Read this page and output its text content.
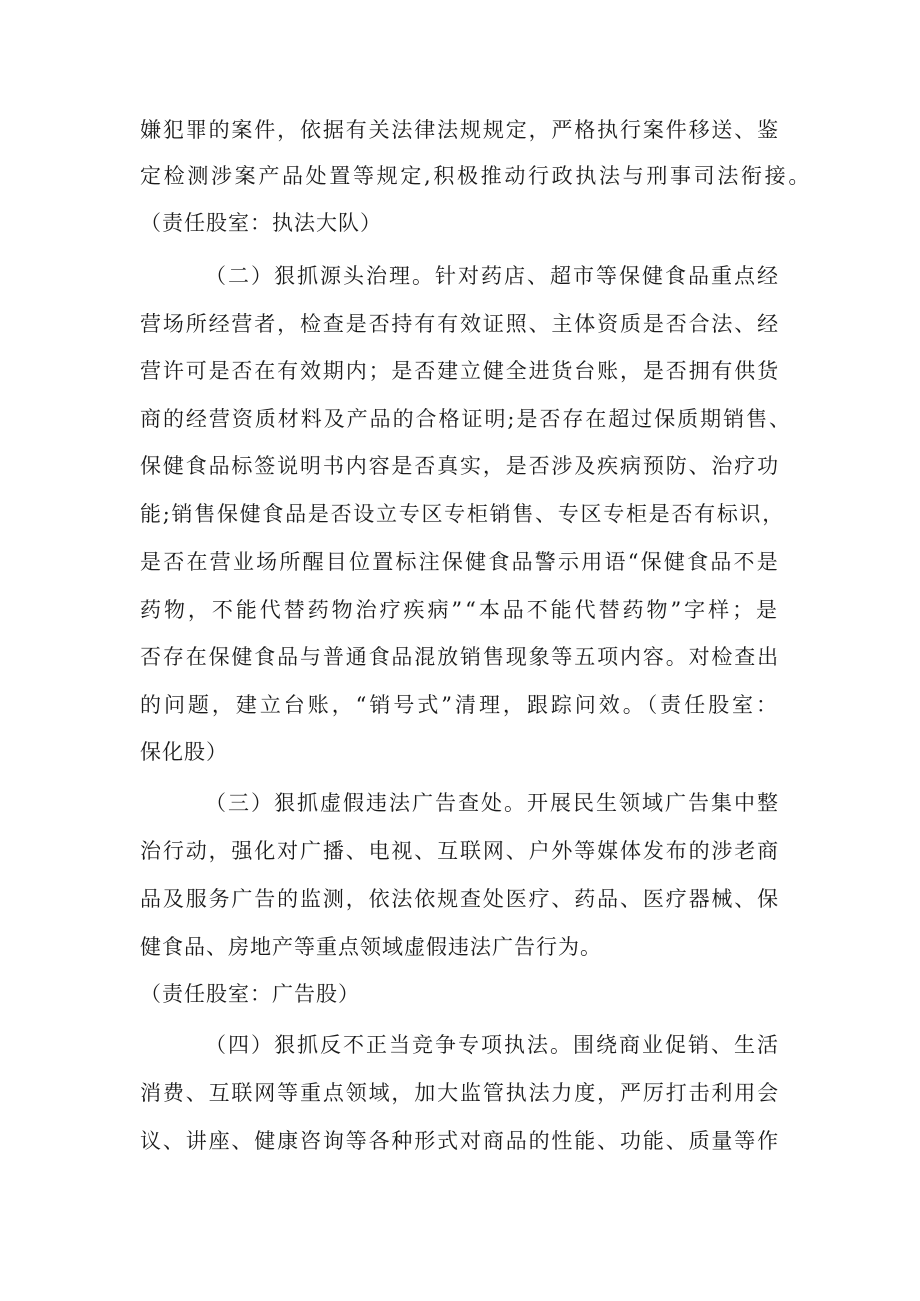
嫌犯罪的案件，依据有关法律法规规定，严格执行案件移送、鉴
定检测涉案产品处置等规定,积极推动行政执法与刑事司法衔接。
（责任股室：执法大队）
（二）狠抓源头治理。针对药店、超市等保健食品重点经
营场所经营者，检查是否持有有效证照、主体资质是否合法、经
营许可是否在有效期内；是否建立健全进货台账，是否拥有供货
商的经营资质材料及产品的合格证明;是否存在超过保质期销售、
保健食品标签说明书内容是否真实，是否涉及疾病预防、治疗功
能;销售保健食品是否设立专区专柜销售、专区专柜是否有标识，
是否在营业场所醒目位置标注保健食品警示用语“保健食品不是
药物，不能代替药物治疗疾病”“本品不能代替药物”字样；是
否存在保健食品与普通食品混放销售现象等五项内容。对检查出
的问题，建立台账，“销号式”清理，跟踪问效。（责任股室：
保化股）
（三）狠抓虚假违法广告查处。开展民生领域广告集中整
治行动，强化对广播、电视、互联网、户外等媒体发布的涉老商
品及服务广告的监测，依法依规查处医疗、药品、医疗器械、保
健食品、房地产等重点领域虚假违法广告行为。
（责任股室：广告股）
（四）狠抓反不正当竞争专项执法。围绕商业促销、生活
消费、互联网等重点领域，加大监管执法力度，严厉打击利用会
议、讲座、健康咨询等各种形式对商品的性能、功能、质量等作
